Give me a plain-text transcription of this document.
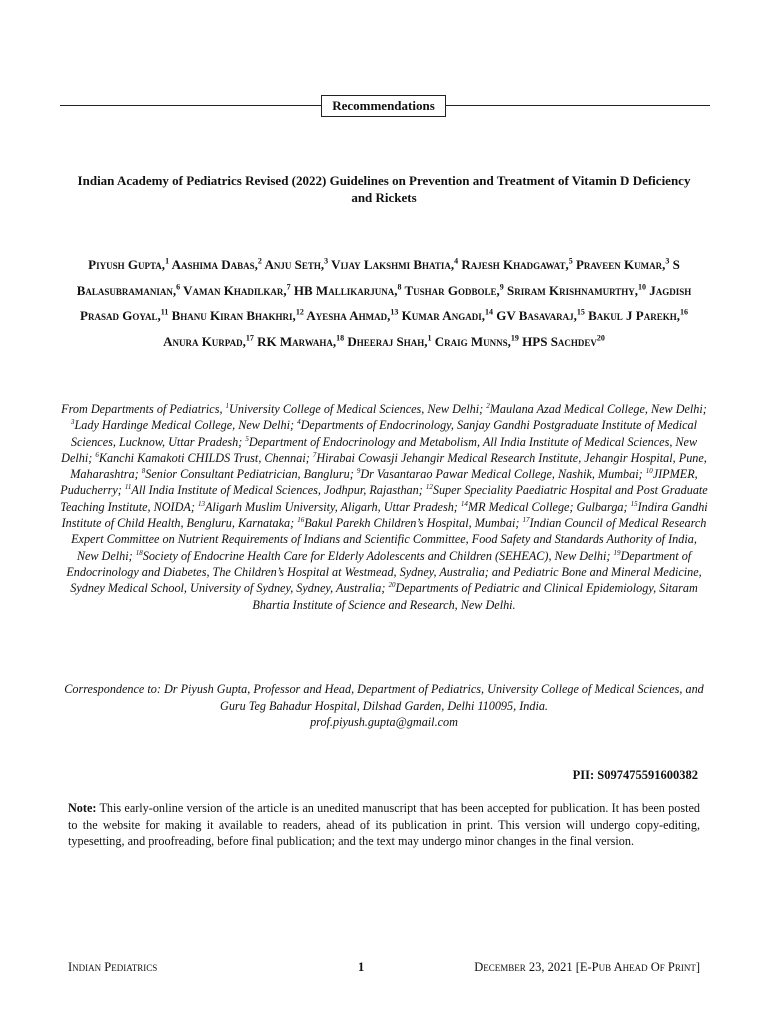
Recommendations
Indian Academy of Pediatrics Revised (2022) Guidelines on Prevention and Treatment of Vitamin D Deficiency and Rickets
Piyush Gupta,$^1$ Aashima Dabas,$^2$ Anju Seth,$^3$ Vijay Lakshmi Bhatia,$^4$ Rajesh Khadgawat,$^5$ Praveen Kumar,$^3$ S Balasubramanian,$^6$ Vaman Khadilkar,$^7$ HB Mallikarjuna,$^8$ Tushar Godbole,$^9$ Sriram Krishnamurthy,$^{10}$ Jagdish Prasad Goyal,$^{11}$ Bhanu Kiran Bhakhri,$^{12}$ Ayesha Ahmad,$^{13}$ Kumar Angadi,$^{14}$ GV Basavaraj,$^{15}$ Bakul J Parekh,$^{16}$ Anura Kurpad,$^{17}$ RK Marwaha,$^{18}$ Dheeraj Shah,$^1$ Craig Munns,$^{19}$ HPS Sachdev$^{20}$
From Departments of Pediatrics, $^1$University College of Medical Sciences, New Delhi; $^2$Maulana Azad Medical College, New Delhi; $^3$Lady Hardinge Medical College, New Delhi; $^4$Departments of Endocrinology, Sanjay Gandhi Postgraduate Institute of Medical Sciences, Lucknow, Uttar Pradesh; $^5$Department of Endocrinology and Metabolism, All India Institute of Medical Sciences, New Delhi; $^6$Kanchi Kamakoti CHILDS Trust, Chennai; $^7$Hirabai Cowasji Jehangir Medical Research Institute, Jehangir Hospital, Pune, Maharashtra; $^8$Senior Consultant Pediatrician, Bangluru; $^9$Dr Vasantarao Pawar Medical College, Nashik, Mumbai; $^{10}$JIPMER, Puducherry; $^{11}$All India Institute of Medical Sciences, Jodhpur, Rajasthan; $^{12}$Super Speciality Paediatric Hospital and Post Graduate Teaching Institute, NOIDA; $^{13}$Aligarh Muslim University, Aligarh, Uttar Pradesh; $^{14}$MR Medical College; Gulbarga; $^{15}$Indira Gandhi Institute of Child Health, Bengluru, Karnataka; $^{16}$Bakul Parekh Children’s Hospital, Mumbai; $^{17}$Indian Council of Medical Research Expert Committee on Nutrient Requirements of Indians and Scientific Committee, Food Safety and Standards Authority of India, New Delhi; $^{18}$Society of Endocrine Health Care for Elderly Adolescents and Children (SEHEAC), New Delhi; $^{19}$Department of Endocrinology and Diabetes, The Children’s Hospital at Westmead, Sydney, Australia; and Pediatric Bone and Mineral Medicine, Sydney Medical School, University of Sydney, Sydney, Australia; $^{20}$Departments of Pediatric and Clinical Epidemiology, Sitaram Bhartia Institute of Science and Research, New Delhi.
Correspondence to: Dr Piyush Gupta, Professor and Head, Department of Pediatrics, University College of Medical Sciences, and Guru Teg Bahadur Hospital, Dilshad Garden, Delhi 110095, India.
prof.piyush.gupta@gmail.com
PII: S097475591600382
Note: This early-online version of the article is an unedited manuscript that has been accepted for publication. It has been posted to the website for making it available to readers, ahead of its publication in print. This version will undergo copy-editing, typesetting, and proofreading, before final publication; and the text may undergo minor changes in the final version.
Indian Pediatrics	1	December 23, 2021 [E-Pub Ahead Of Print]
